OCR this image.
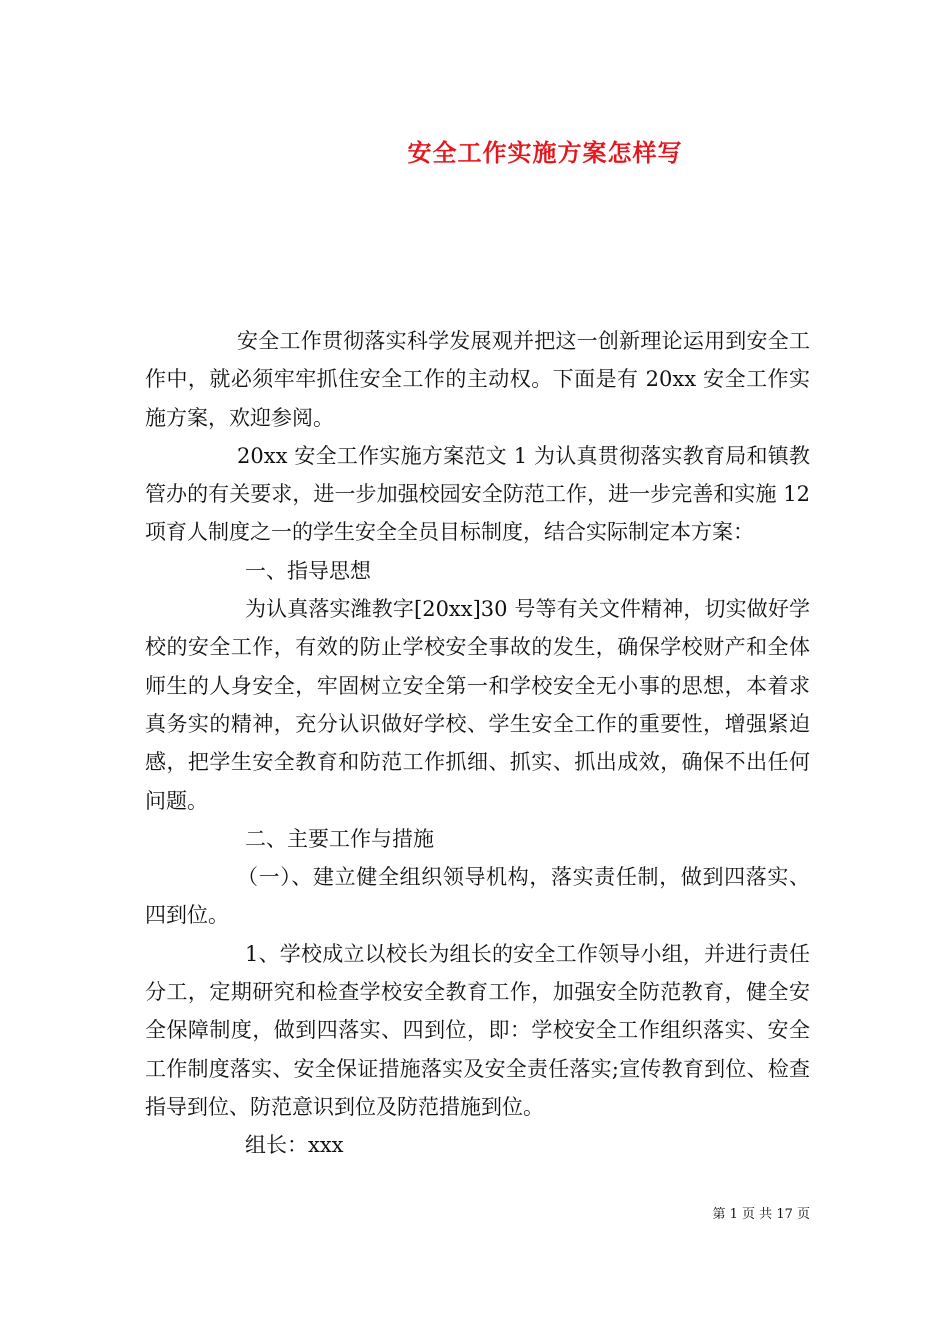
安全工作实施方案怎样写

安全工作贯彻落实科学发展观并把这一创新理论运用到安全工作中，就必须牢牢抓住安全工作的主动权。下面是有 20xx 安全工作实施方案，欢迎参阅。

20xx 安全工作实施方案范文 1 为认真贯彻落实教育局和镇教管办的有关要求，进一步加强校园安全防范工作，进一步完善和实施 12 项育人制度之一的学生安全全员目标制度，结合实际制定本方案：

一、指导思想

为认真落实潍教字[20xx]30 号等有关文件精神，切实做好学校的安全工作，有效的防止学校安全事故的发生，确保学校财产和全体师生的人身安全，牢固树立安全第一和学校安全无小事的思想，本着求真务实的精神，充分认识做好学校、学生安全工作的重要性，增强紧迫感，把学生安全教育和防范工作抓细、抓实、抓出成效，确保不出任何问题。

二、主要工作与措施

（一）、建立健全组织领导机构，落实责任制，做到四落实、四到位。

1、学校成立以校长为组长的安全工作领导小组，并进行责任分工，定期研究和检查学校安全教育工作，加强安全防范教育，健全安全保障制度，做到四落实、四到位，即：学校安全工作组织落实、安全工作制度落实、安全保证措施落实及安全责任落实;宣传教育到位、检查指导到位、防范意识到位及防范措施到位。

组长：xxx

第 1 页 共 17 页
